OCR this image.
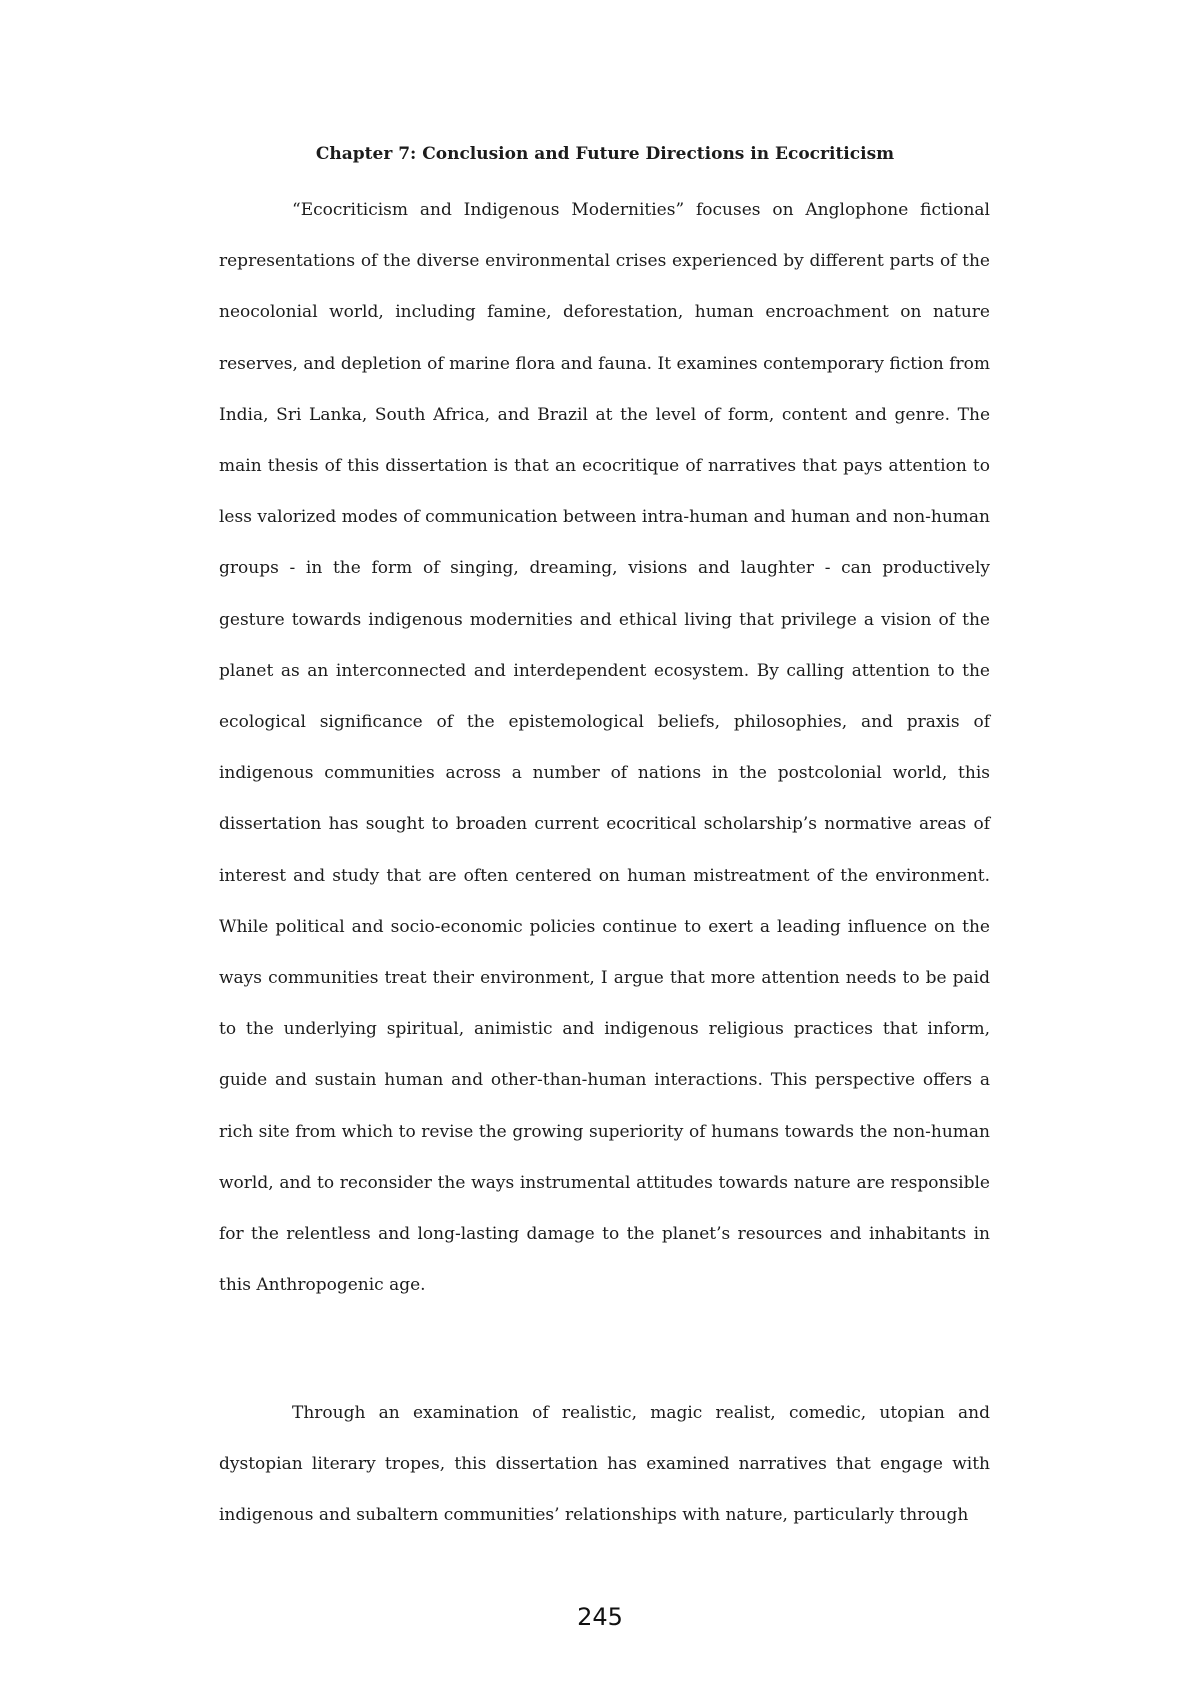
Chapter 7: Conclusion and Future Directions in Ecocriticism

“Ecocriticism and Indigenous Modernities” focuses on Anglophone fictional representations of the diverse environmental crises experienced by different parts of the neocolonial world, including famine, deforestation, human encroachment on nature reserves, and depletion of marine flora and fauna. It examines contemporary fiction from India, Sri Lanka, South Africa, and Brazil at the level of form, content and genre. The main thesis of this dissertation is that an ecocritique of narratives that pays attention to less valorized modes of communication between intra-human and human and non-human groups - in the form of singing, dreaming, visions and laughter - can productively gesture towards indigenous modernities and ethical living that privilege a vision of the planet as an interconnected and interdependent ecosystem. By calling attention to the ecological significance of the epistemological beliefs, philosophies, and praxis of indigenous communities across a number of nations in the postcolonial world, this dissertation has sought to broaden current ecocritical scholarship’s normative areas of interest and study that are often centered on human mistreatment of the environment. While political and socio-economic policies continue to exert a leading influence on the ways communities treat their environment, I argue that more attention needs to be paid to the underlying spiritual, animistic and indigenous religious practices that inform, guide and sustain human and other-than-human interactions. This perspective offers a rich site from which to revise the growing superiority of humans towards the non-human world, and to reconsider the ways instrumental attitudes towards nature are responsible for the relentless and long-lasting damage to the planet’s resources and inhabitants in this Anthropogenic age.

Through an examination of realistic, magic realist, comedic, utopian and dystopian literary tropes, this dissertation has examined narratives that engage with indigenous and subaltern communities’ relationships with nature, particularly through

245
